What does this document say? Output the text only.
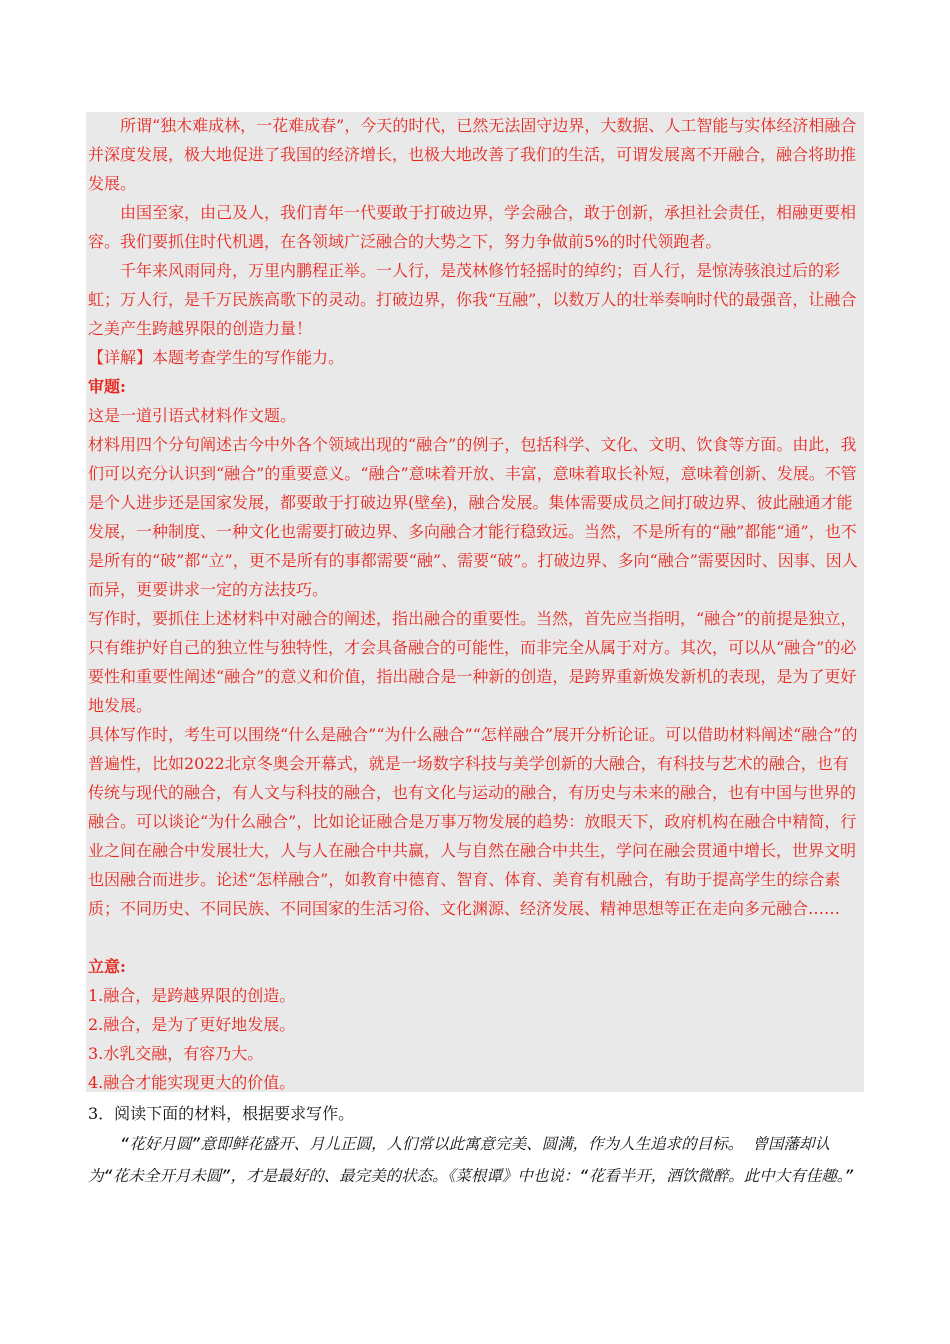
所谓“独木难成林，一花难成春”，今天的时代，已然无法固守边界，大数据、人工智能与实体经济相融合并深度发展，极大地促进了我国的经济增长，也极大地改善了我们的生活，可谓发展离不开融合，融合将助推发展。

由国至家，由己及人，我们青年一代要敢于打破边界，学会融合，敢于创新，承担社会责任，相融更要相容。我们要抓住时代机遇，在各领域广泛融合的大势之下，努力争做前5%的时代领跑者。

千年来风雨同舟，万里内鹏程正举。一人行，是茂林修竹轻摇时的绰约；百人行，是惊涛骇浪过后的彩虹；万人行，是千万民族高歌下的灵动。打破边界，你我“互融”，以数万人的壮举奏响时代的最强音，让融合之美产生跨越界限的创造力量！

【详解】本题考查学生的写作能力。

审题:

这是一道引语式材料作文题。

材料用四个分句阐述古今中外各个领域出现的“融合”的例子，包括科学、文化、文明、饮食等方面。由此，我们可以充分认识到“融合”的重要意义。“融合”意味着开放、丰富，意味着取长补短，意味着创新、发展。不管是个人进步还是国家发展，都要敢于打破边界(壁垒)，融合发展。集体需要成员之间打破边界、彼此融通才能发展，一种制度、一种文化也需要打破边界、多向融合才能行稳致远。当然，不是所有的“融”都能“通”，也不是所有的“破”都“立”，更不是所有的事都需要“融”、需要“破”。打破边界、多向“融合”需要因时、因事、因人而异，更要讲求一定的方法技巧。

写作时，要抓住上述材料中对融合的阐述，指出融合的重要性。当然，首先应当指明，“融合”的前提是独立，只有维护好自己的独立性与独特性，才会具备融合的可能性，而非完全从属于对方。其次，可以从“融合”的必要性和重要性阐述“融合”的意义和价值，指出融合是一种新的创造，是跨界重新焕发新机的表现，是为了更好地发展。

具体写作时，考生可以围绕“什么是融合”“为什么融合”“怎样融合”展开分析论证。可以借助材料阐述“融合”的普遍性，比如2022北京冬奥会开幕式，就是一场数字科技与美学创新的大融合，有科技与艺术的融合，也有传统与现代的融合，有人文与科技的融合，也有文化与运动的融合，有历史与未来的融合，也有中国与世界的融合。可以谈论“为什么融合”，比如论证融合是万事万物发展的趋势：放眼天下，政府机构在融合中精简，行业之间在融合中发展壮大，人与人在融合中共赢，人与自然在融合中共生，学问在融会贯通中增长，世界文明也因融合而进步。论述“怎样融合”，如教育中德育、智育、体育、美育有机融合，有助于提高学生的综合素质；不同历史、不同民族、不同国家的生活习俗、文化渊源、经济发展、精神思想等正在走向多元融合……

立意:

1.融合，是跨越界限的创造。

2.融合，是为了更好地发展。

3.水乳交融，有容乃大。

4.融合才能实现更大的价值。

3．阅读下面的材料，根据要求写作。
“花好月圆”意即鲜花盛开、月儿正圆，人们常以此寓意完美、圆满，作为人生追求的目标。 曾国藩却认为“花未全开月未圆”，才是最好的、最完美的状态。《菜根谭》中也说：“花看半开，酒饮微醉。此中大有佳趣。”
